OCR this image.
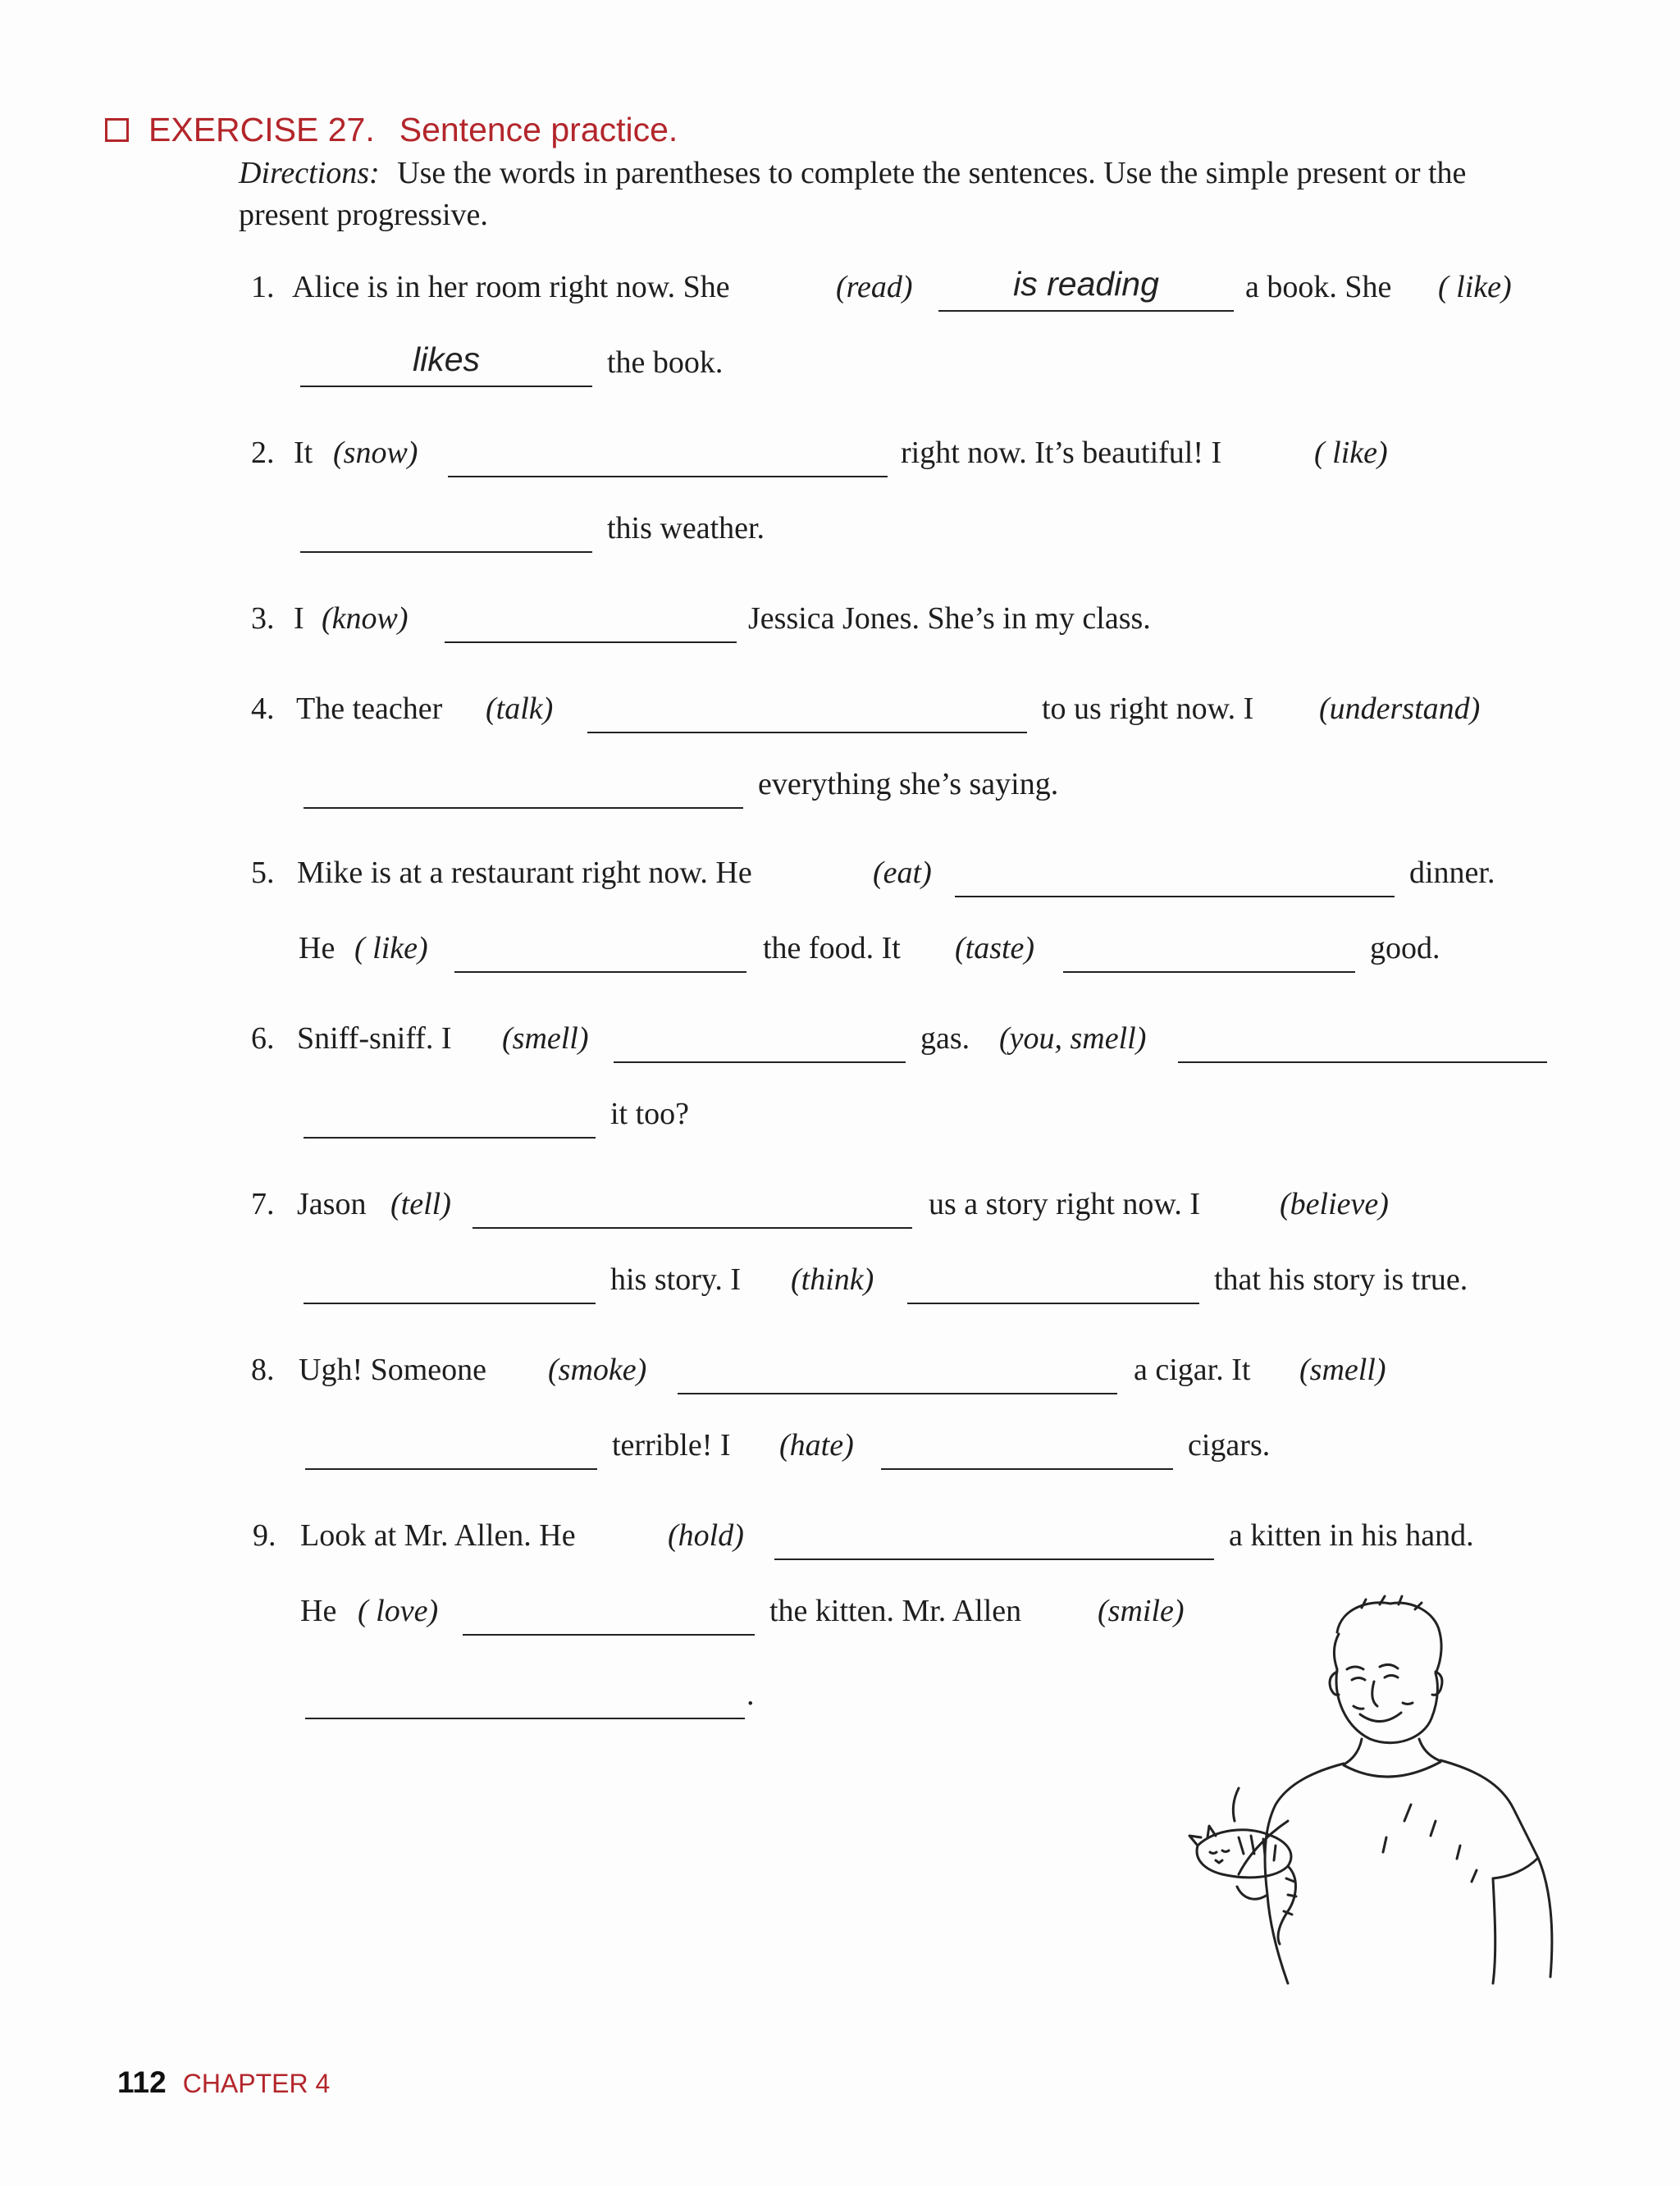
EXERCISE 27. Sentence practice.
Directions: Use the words in parentheses to complete the sentences. Use the simple present or the present progressive.
1. Alice is in her room right now. She	(read)	is reading	a book. She ( like)
likes	the book.
2. It (snow)	right now. It’s beautiful! I	( like)
this weather.
3. I (know)	Jessica Jones. She’s in my class.
4. The teacher (talk)	to us right now. I (understand)
everything she’s saying.
5. Mike is at a restaurant right now. He	(eat)	dinner.
He ( like)	the food. It (taste)	good.
6. Sniff-sniff. I (smell)	gas. (you, smell)
it too?
7. Jason (tell)	us a story right now. I	(believe)
his story. I (think)	that his story is true.
8. Ugh! Someone (smoke)	a cigar. It (smell)
terrible! I (hate)	cigars.
9. Look at Mr. Allen. He	(hold)	a kitten in his hand.
He ( love)	the kitten. Mr. Allen (smile)
.
112 CHAPTER 4
